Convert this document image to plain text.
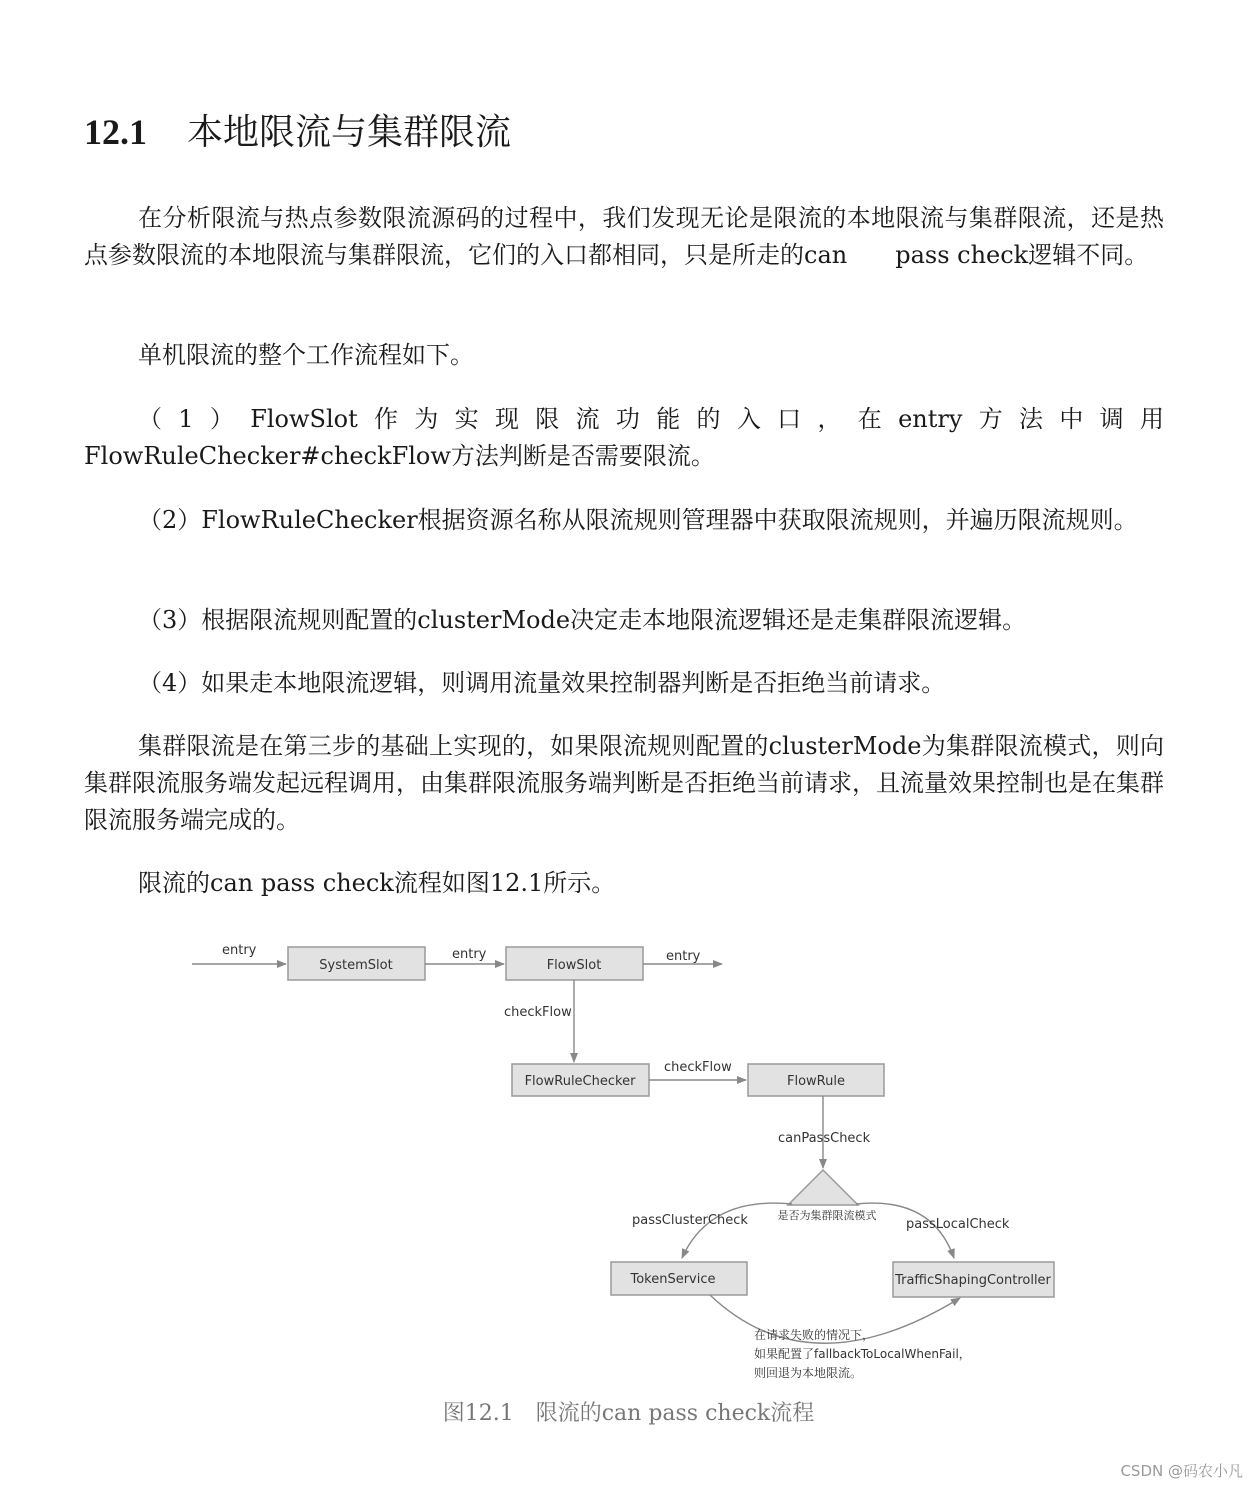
12.1 本地限流与集群限流

在分析限流与热点参数限流源码的过程中，我们发现无论是限流的本地限流与集群限流，还是热点参数限流的本地限流与集群限流，它们的入口都相同，只是所走的can　　pass check逻辑不同。

单机限流的整个工作流程如下。

（1）FlowSlot作为实现限流功能的入口，在entry方法中调用FlowRuleChecker#checkFlow方法判断是否需要限流。

（2）FlowRuleChecker根据资源名称从限流规则管理器中获取限流规则，并遍历限流规则。

（3）根据限流规则配置的clusterMode决定走本地限流逻辑还是走集群限流逻辑。

（4）如果走本地限流逻辑，则调用流量效果控制器判断是否拒绝当前请求。

集群限流是在第三步的基础上实现的，如果限流规则配置的clusterMode为集群限流模式，则向集群限流服务端发起远程调用，由集群限流服务端判断是否拒绝当前请求，且流量效果控制也是在集群限流服务端完成的。

限流的can pass check流程如图12.1所示。

entry
SystemSlot
entry
FlowSlot
entry
checkFlow
FlowRuleChecker
checkFlow
FlowRule
canPassCheck
是否为集群限流模式
passClusterCheck	passLocalCheck
TokenService	TrafficShapingController
在请求失败的情况下，
如果配置了fallbackToLocalWhenFail，
则回退为本地限流。
图12.1　限流的can pass check流程
CSDN @码农小凡
